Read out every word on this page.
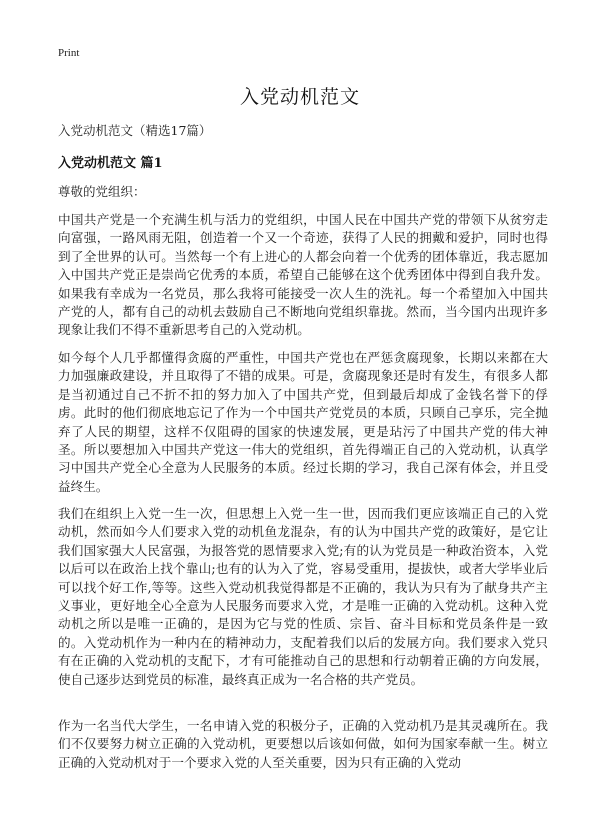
Print
入党动机范文
入党动机范文（精选17篇）
入党动机范文 篇1
尊敬的党组织：

中国共产党是一个充满生机与活力的党组织，中国人民在中国共产党的带领下从贫穷走向富强，一路风雨无阻，创造着一个又一个奇迹，获得了人民的拥戴和爱护，同时也得到了全世界的认可。当然每一个有上进心的人都会向着一个优秀的团体靠近，我志愿加入中国共产党正是崇尚它优秀的本质，希望自己能够在这个优秀团体中得到自我升发。如果我有幸成为一名党员，那么我将可能接受一次人生的洗礼。每一个希望加入中国共产党的人，都有自己的动机去鼓励自己不断地向党组织靠拢。然而，当今国内出现许多现象让我们不得不重新思考自己的入党动机。

如今每个人几乎都懂得贪腐的严重性，中国共产党也在严惩贪腐现象，长期以来都在大力加强廉政建设，并且取得了不错的成果。可是，贪腐现象还是时有发生，有很多人都是当初通过自己不折不扣的努力加入了中国共产党，但到最后却成了金钱名誉下的俘虏。此时的他们彻底地忘记了作为一个中国共产党党员的本质，只顾自己享乐，完全抛弃了人民的期望，这样不仅阻碍的国家的快速发展，更是玷污了中国共产党的伟大神圣。所以要想加入中国共产党这一伟大的党组织，首先得端正自己的入党动机，认真学习中国共产党全心全意为人民服务的本质。经过长期的学习，我自己深有体会，并且受益终生。

我们在组织上入党一生一次，但思想上入党一生一世，因而我们更应该端正自己的入党动机，然而如今人们要求入党的动机鱼龙混杂，有的认为中国共产党的政策好，是它让我们国家强大人民富强，为报答党的恩情要求入党;有的认为党员是一种政治资本，入党以后可以在政治上找个靠山;也有的认为入了党，容易受重用，提拔快，或者大学毕业后可以找个好工作,等等。这些入党动机我觉得都是不正确的，我认为只有为了献身共产主义事业，更好地全心全意为人民服务而要求入党，才是唯一正确的入党动机。这种入党动机之所以是唯一正确的，是因为它与党的性质、宗旨、奋斗目标和党员条件是一致的。入党动机作为一种内在的精神动力，支配着我们以后的发展方向。我们要求入党只有在正确的入党动机的支配下，才有可能推动自己的思想和行动朝着正确的方向发展，使自己逐步达到党员的标准，最终真正成为一名合格的共产党员。

作为一名当代大学生，一名申请入党的积极分子，正确的入党动机乃是其灵魂所在。我们不仅要努力树立正确的入党动机，更要想以后该如何做，如何为国家奉献一生。树立正确的入党动机对于一个要求入党的人至关重要，因为只有正确的入党动
